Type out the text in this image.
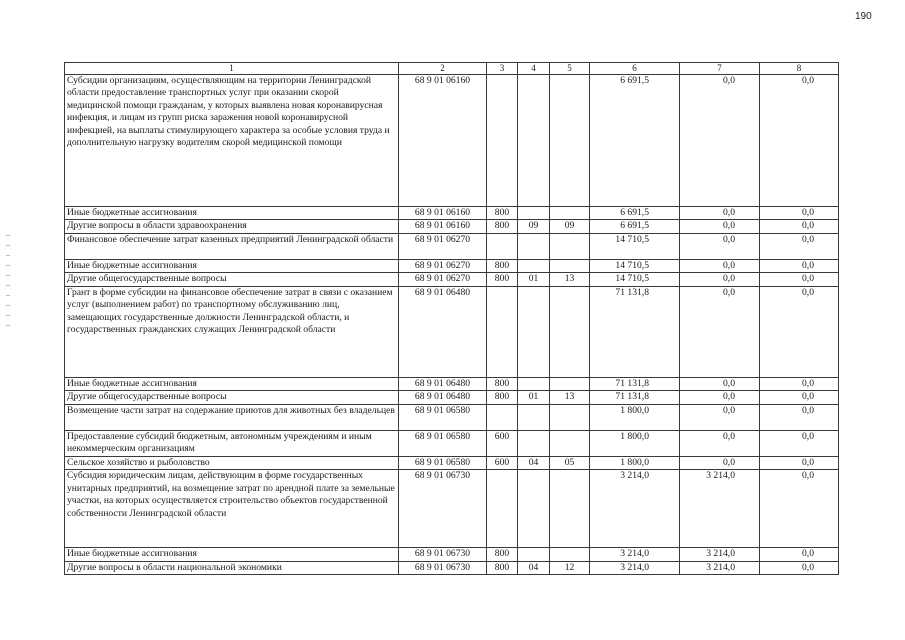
190
1	2	3	4	5	6	7	8
Субсидии организациям, осуществляющим на территории Ленинградской области предоставление транспортных услуг при оказании скорой медицинской помощи гражданам, у которых выявлена новая коронавирусная инфекция, и лицам из групп риска заражения новой коронавирусной инфекцией, на выплаты стимулирующего характера за особые условия труда и дополнительную нагрузку водителям скорой медицинской помощи	68 9 01 06160				6 691,5	0,0	0,0
Иные бюджетные ассигнования	68 9 01 06160	800			6 691,5	0,0	0,0
Другие вопросы в области здравоохранения	68 9 01 06160	800	09	09	6 691,5	0,0	0,0
Финансовое обеспечение затрат казенных предприятий Ленинградской области	68 9 01 06270				14 710,5	0,0	0,0
Иные бюджетные ассигнования	68 9 01 06270	800			14 710,5	0,0	0,0
Другие общегосударственные вопросы	68 9 01 06270	800	01	13	14 710,5	0,0	0,0
Грант в форме субсидии на финансовое обеспечение затрат в связи с оказанием услуг (выполнением работ) по транспортному обслуживанию лиц, замещающих государственные должности Ленинградской области, и государственных гражданских служащих Ленинградской области	68 9 01 06480				71 131,8	0,0	0,0
Иные бюджетные ассигнования	68 9 01 06480	800			71 131,8	0,0	0,0
Другие общегосударственные вопросы	68 9 01 06480	800	01	13	71 131,8	0,0	0,0
Возмещение части затрат на содержание приютов для животных без владельцев	68 9 01 06580				1 800,0	0,0	0,0
Предоставление субсидий бюджетным, автономным учреждениям и иным некоммерческим организациям	68 9 01 06580	600			1 800,0	0,0	0,0
Сельское хозяйство и рыболовство	68 9 01 06580	600	04	05	1 800,0	0,0	0,0
Субсидия юридическим лицам, действующим в форме государственных унитарных предприятий, на возмещение затрат по арендной плате за земельные участки, на которых осуществляется строительство объектов государственной собственности Ленинградской области	68 9 01 06730				3 214,0	3 214,0	0,0
Иные бюджетные ассигнования	68 9 01 06730	800			3 214,0	3 214,0	0,0
Другие вопросы в области национальной экономики	68 9 01 06730	800	04	12	3 214,0	3 214,0	0,0
